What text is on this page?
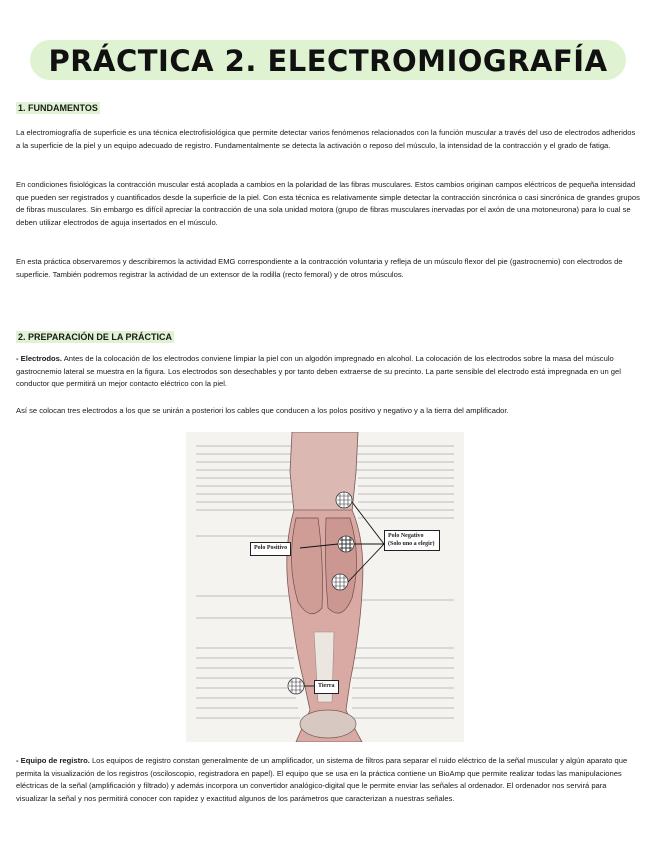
PRÁCTICA 2. ELECTROMIOGRAFÍA
1. FUNDAMENTOS

La electromiografía de superficie es una técnica electrofisiológica que permite detectar varios fenómenos relacionados con la función muscular a través del uso de electrodos adheridos a la superficie de la piel y un equipo adecuado de registro. Fundamentalmente se detecta la activación o reposo del músculo, la intensidad de la contracción y el grado de fatiga.

En condiciones fisiológicas la contracción muscular está acoplada a cambios en la polaridad de las fibras musculares. Estos cambios originan campos eléctricos de pequeña intensidad que pueden ser registrados y cuantificados desde la superficie de la piel. Con esta técnica es relativamente simple detectar la contracción sincrónica o casi sincrónica de grandes grupos de fibras musculares. Sin embargo es difícil apreciar la contracción de una sola unidad motora (grupo de fibras musculares inervadas por el axón de una motoneurona) para lo cual se deben utilizar electrodos de aguja insertados en el músculo.

En esta práctica observaremos y describiremos la actividad EMG correspondiente a la contracción voluntaria y refleja de un músculo flexor del pie (gastrocnemio) con electrodos de superficie. También podremos registrar la actividad de un extensor de la rodilla (recto femoral) y de otros músculos.

2. PREPARACIÓN DE LA PRÁCTICA

- Electrodos. Antes de la colocación de los electrodos conviene limpiar la piel con un algodón impregnado en alcohol. La colocación de los electrodos sobre la masa del músculo gastrocnemio lateral se muestra en la figura. Los electrodos son desechables y por tanto deben extraerse de su precinto. La parte sensible del electrodo está impregnada en un gel conductor que permitirá un mejor contacto eléctrico con la piel.

Así se colocan tres electrodos a los que se unirán a posteriori los cables que conducen a los polos positivo y negativo y a la tierra del amplificador.

Polo Positivo
Polo Negativo (Solo uno a elegir)
Tierra

- Equipo de registro. Los equipos de registro constan generalmente de un amplificador, un sistema de filtros para separar el ruido eléctrico de la señal muscular y algún aparato que permita la visualización de los registros (osciloscopio, registradora en papel). El equipo que se usa en la práctica contiene un BioAmp que permite realizar todas las manipulaciones eléctricas de la señal (amplificación y filtrado) y además incorpora un convertidor analógico-digital que le permite enviar las señales al ordenador. El ordenador nos servirá para visualizar la señal y nos permitirá conocer con rapidez y exactitud algunos de los parámetros que caracterizan a nuestras señales.
